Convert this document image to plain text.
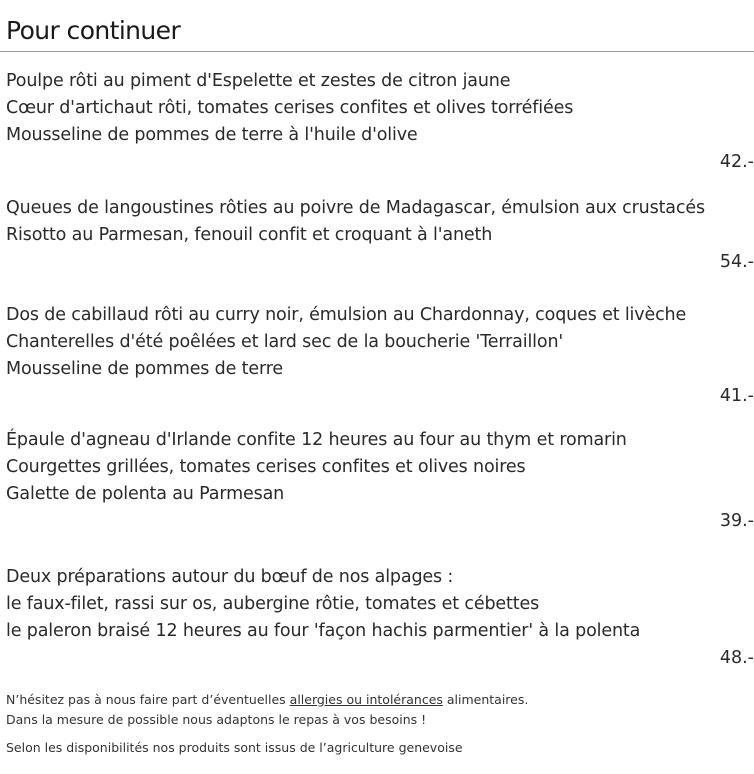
Pour continuer
Poulpe rôti au piment d'Espelette et zestes de citron jaune
Cœur d'artichaut rôti, tomates cerises confites et olives torréfiées
Mousseline de pommes de terre à l'huile d'olive
42.-
Queues de langoustines rôties au poivre de Madagascar, émulsion aux crustacés
Risotto au Parmesan, fenouil confit et croquant à l'aneth
54.-
Dos de cabillaud rôti au curry noir, émulsion au Chardonnay, coques et livèche
Chanterelles d'été poêlées et lard sec de la boucherie 'Terraillon'
Mousseline de pommes de terre
41.-
Épaule d'agneau d'Irlande confite 12 heures au four au thym et romarin
Courgettes grillées, tomates cerises confites et olives noires
Galette de polenta au Parmesan
39.-
Deux préparations autour du bœuf de nos alpages :
le faux-filet, rassi sur os, aubergine rôtie, tomates et cébettes
le paleron braisé 12 heures au four 'façon hachis parmentier' à la polenta
48.-
N’hésitez pas à nous faire part d’éventuelles allergies ou intolérances alimentaires.
Dans la mesure de possible nous adaptons le repas à vos besoins !
Selon les disponibilités nos produits sont issus de l’agriculture genevoise
